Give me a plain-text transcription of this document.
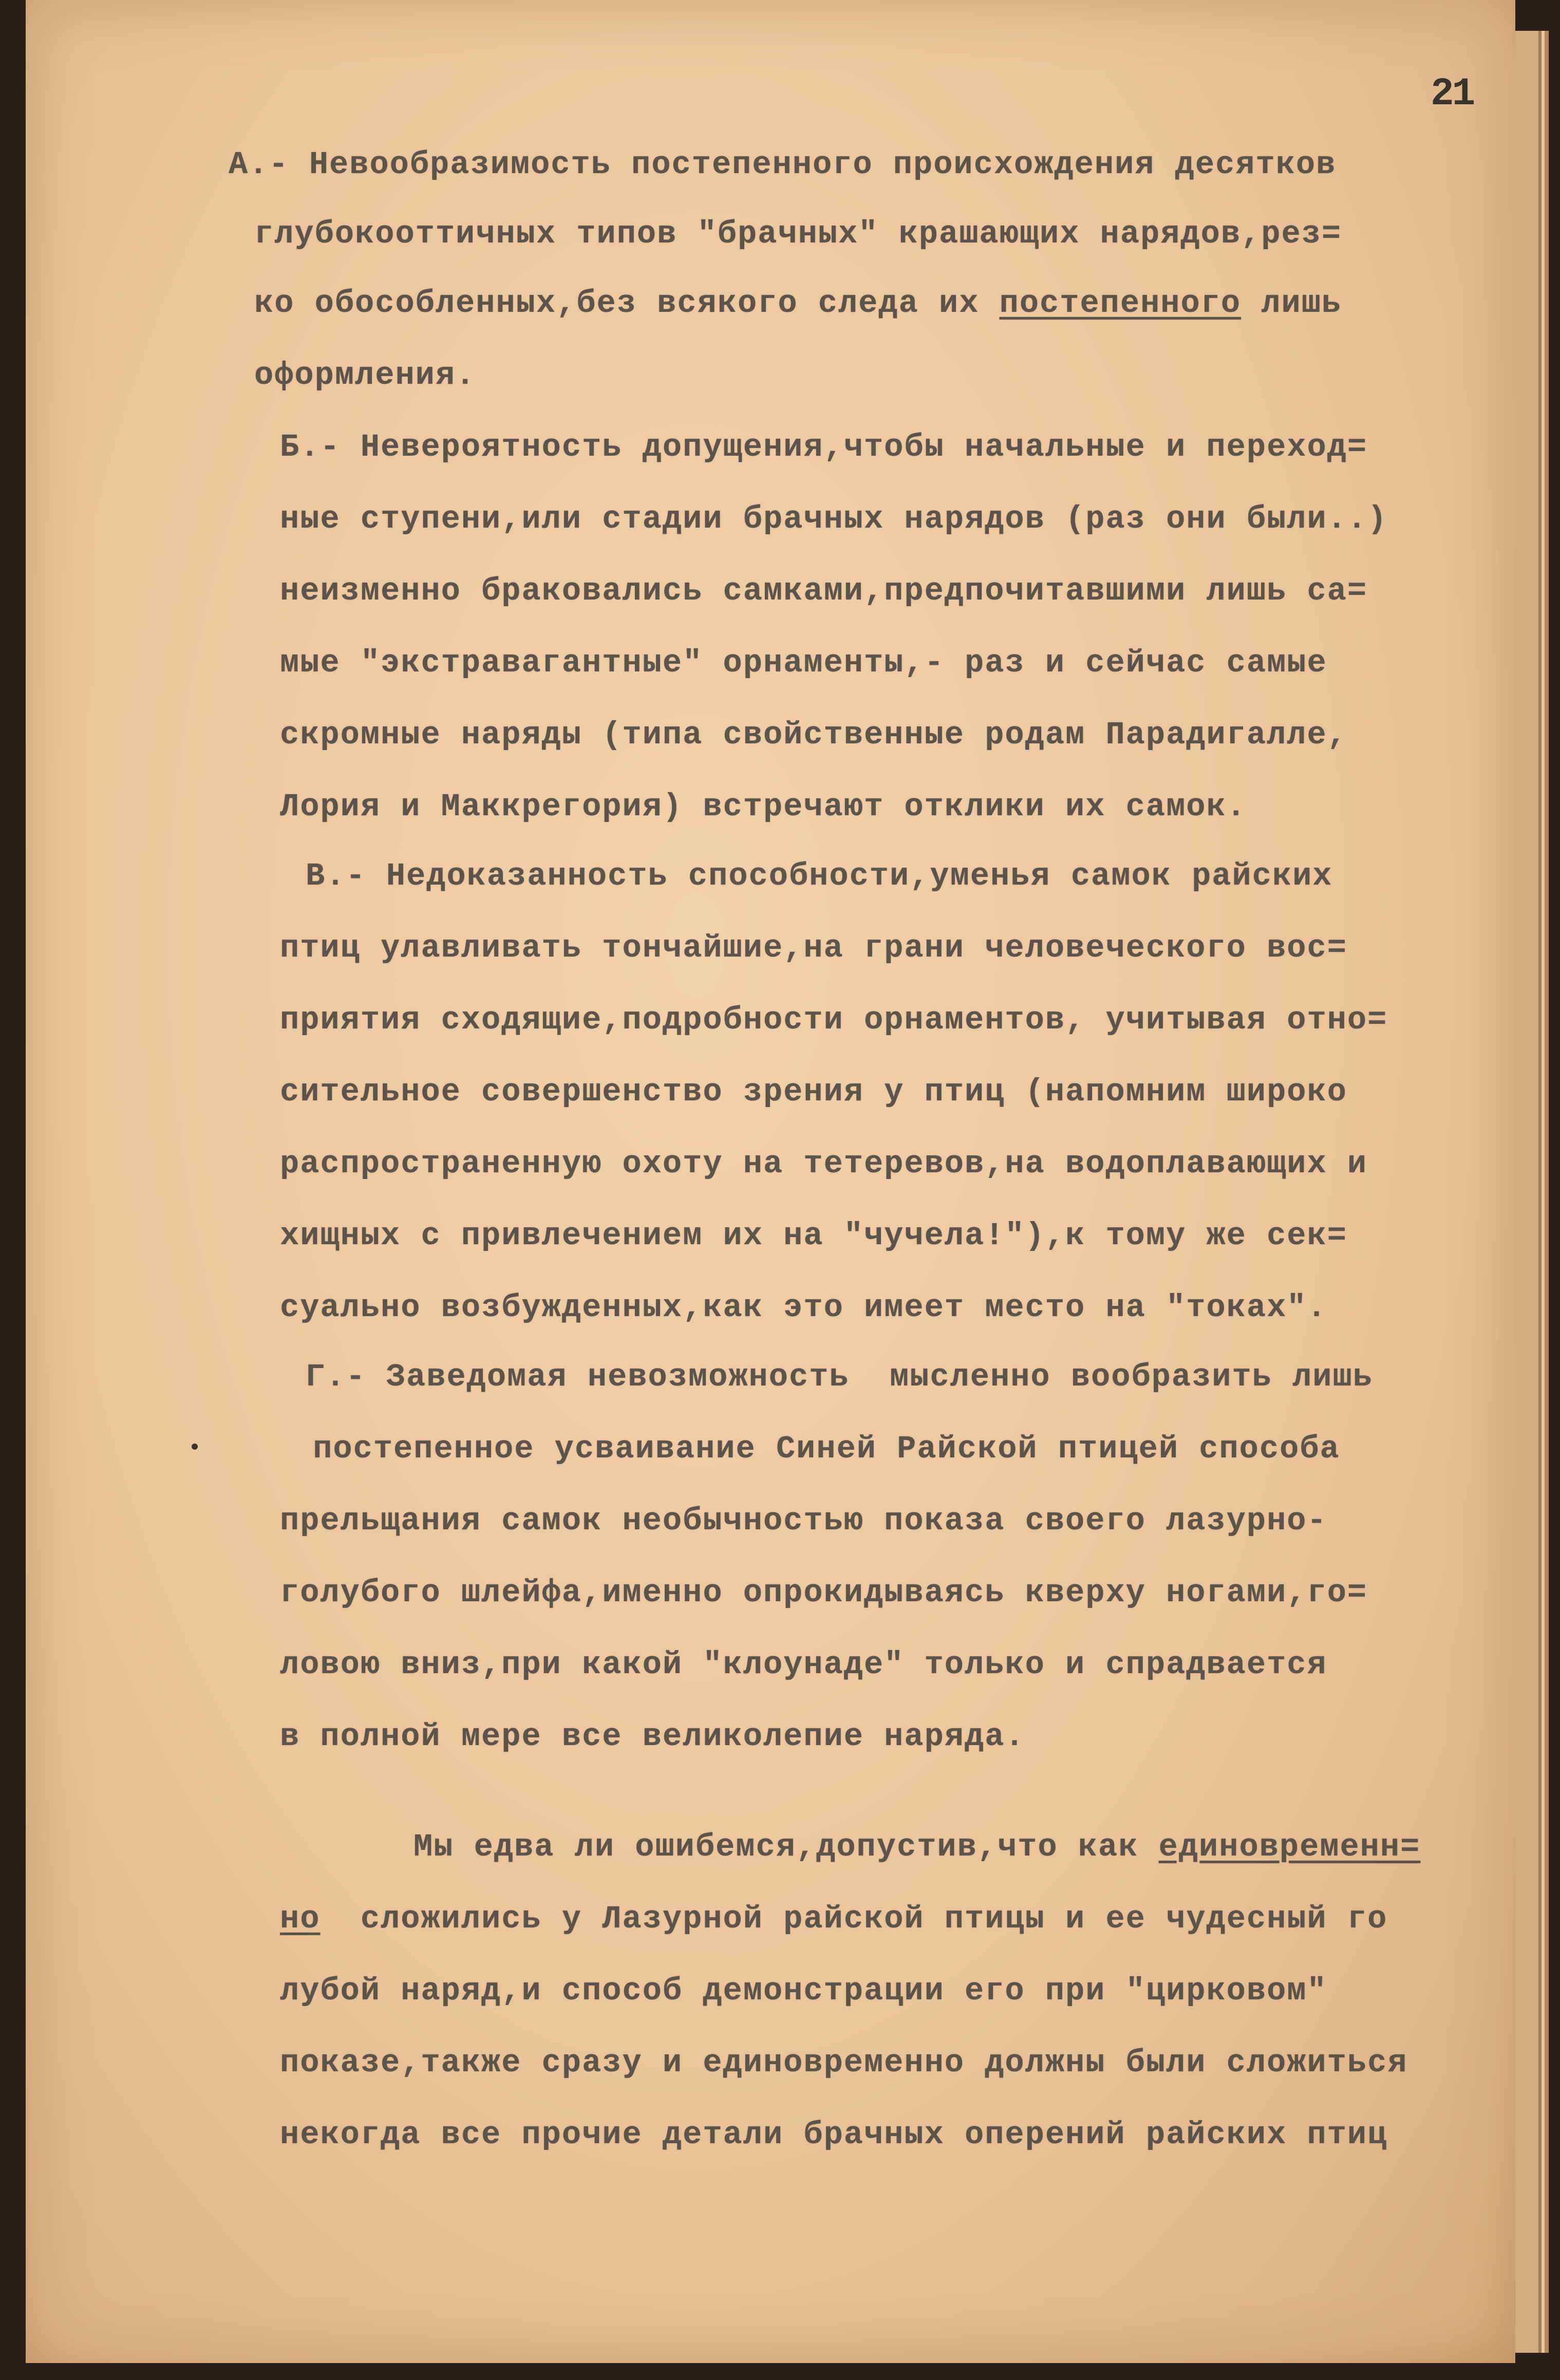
21
А.- Невообразимость постепенного происхождения десятков
глубокооттичных типов "брачных" крашающих нарядов,рез=
ко обособленных,без всякого следа их постепенного лишь
оформления.
Б.- Невероятность допущения,чтобы начальные и переход=
ные ступени,или стадии брачных нарядов (раз они были..)
неизменно браковались самками,предпочитавшими лишь са=
мые "экстравагантные" орнаменты,- раз и сейчас самые
скромные наряды (типа свойственные родам Парадигалле,
Лория и Маккрегория) встречают отклики их самок.
В.- Недоказанность способности,уменья самок райских
птиц улавливать тончайшие,на грани человеческого вос=
приятия сходящие,подробности орнаментов, учитывая отно=
сительное совершенство зрения у птиц (напомним широко
распространенную охоту на тетеревов,на водоплавающих и
хищных с привлечением их на "чучела!"),к тому же сек=
суально возбужденных,как это имеет место на "токах".
Г.- Заведомая невозможность  мысленно вообразить лишь
постепенное усваивание Синей Райской птицей способа
прельщания самок необычностью показа своего лазурно-
голубого шлейфа,именно опрокидываясь кверху ногами,го=
ловою вниз,при какой "клоунаде" только и спрадвается
в полной мере все великолепие наряда.
Мы едва ли ошибемся,допустив,что как единовременн=
но  сложились у Лазурной райской птицы и ее чудесный го
лубой наряд,и способ демонстрации его при "цирковом"
показе,также сразу и единовременно должны были сложиться
некогда все прочие детали брачных оперений райских птиц
